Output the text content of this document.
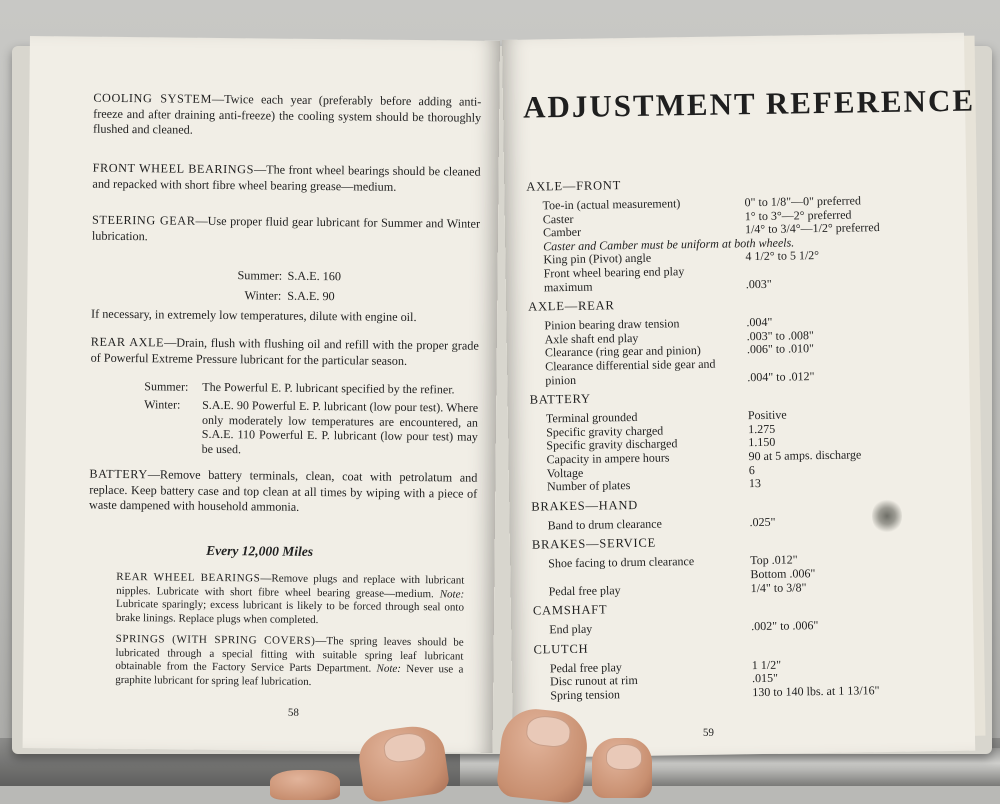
COOLING SYSTEM—Twice each year (preferably before adding anti-freeze and after draining anti-freeze) the cooling system should be thoroughly flushed and cleaned.
FRONT WHEEL BEARINGS—The front wheel bearings should be cleaned and repacked with short fibre wheel bearing grease—medium.
STEERING GEAR—Use proper fluid gear lubricant for Summer and Winter lubrication.
Summer: S.A.E. 160
Winter: S.A.E. 90
If necessary, in extremely low temperatures, dilute with engine oil.
REAR AXLE—Drain, flush with flushing oil and refill with the proper grade of Powerful Extreme Pressure lubricant for the particular season.
Summer: The Powerful E. P. lubricant specified by the refiner.
Winter:	S.A.E. 90 Powerful E. P. lubricant (low pour test). Where only moderately low temperatures are encountered, an S.A.E. 110 Powerful E. P. lubricant (low pour test) may be used.
BATTERY—Remove battery terminals, clean, coat with petrolatum and replace. Keep battery case and top clean at all times by wiping with a piece of waste dampened with household ammonia.
Every 12,000 Miles
REAR WHEEL BEARINGS—Remove plugs and replace with lubricant nipples. Lubricate with short fibre wheel bearing grease—medium. Note: Lubricate sparingly; excess lubricant is likely to be forced through seal onto brake linings. Replace plugs when completed.
SPRINGS (WITH SPRING COVERS)—The spring leaves should be lubricated through a special fitting with suitable spring leaf lubricant obtainable from the Factory Service Parts Department. Note: Never use a graphite lubricant for spring leaf lubrication.
58
ADJUSTMENT REFERENCE
AXLE—FRONT
Toe-in (actual measurement)	0" to 1/8"—0" preferred
Caster	1° to 3°—2° preferred
Camber	1/4° to 3/4°—1/2° preferred
Caster and Camber must be uniform at both wheels.
King pin (Pivot) angle	4 1/2° to 5 1/2°
Front wheel bearing end play
maximum	.003"
AXLE—REAR
Pinion bearing draw tension	.004"
Axle shaft end play	.003" to .008"
Clearance (ring gear and pinion)	.006" to .010"
Clearance differential side gear and
pinion	.004" to .012"
BATTERY
Terminal grounded	Positive
Specific gravity charged	1.275
Specific gravity discharged	1.150
Capacity in ampere hours	90 at 5 amps. discharge
Voltage	6
Number of plates	13
BRAKES—HAND
Band to drum clearance	.025"
BRAKES—SERVICE
Shoe facing to drum clearance	Top .012"
Bottom .006"
Pedal free play	1/4" to 3/8"
CAMSHAFT
End play	.002" to .006"
CLUTCH
Pedal free play	1 1/2"
Disc runout at rim	.015"
Spring tension	130 to 140 lbs. at 1 13/16"
59
